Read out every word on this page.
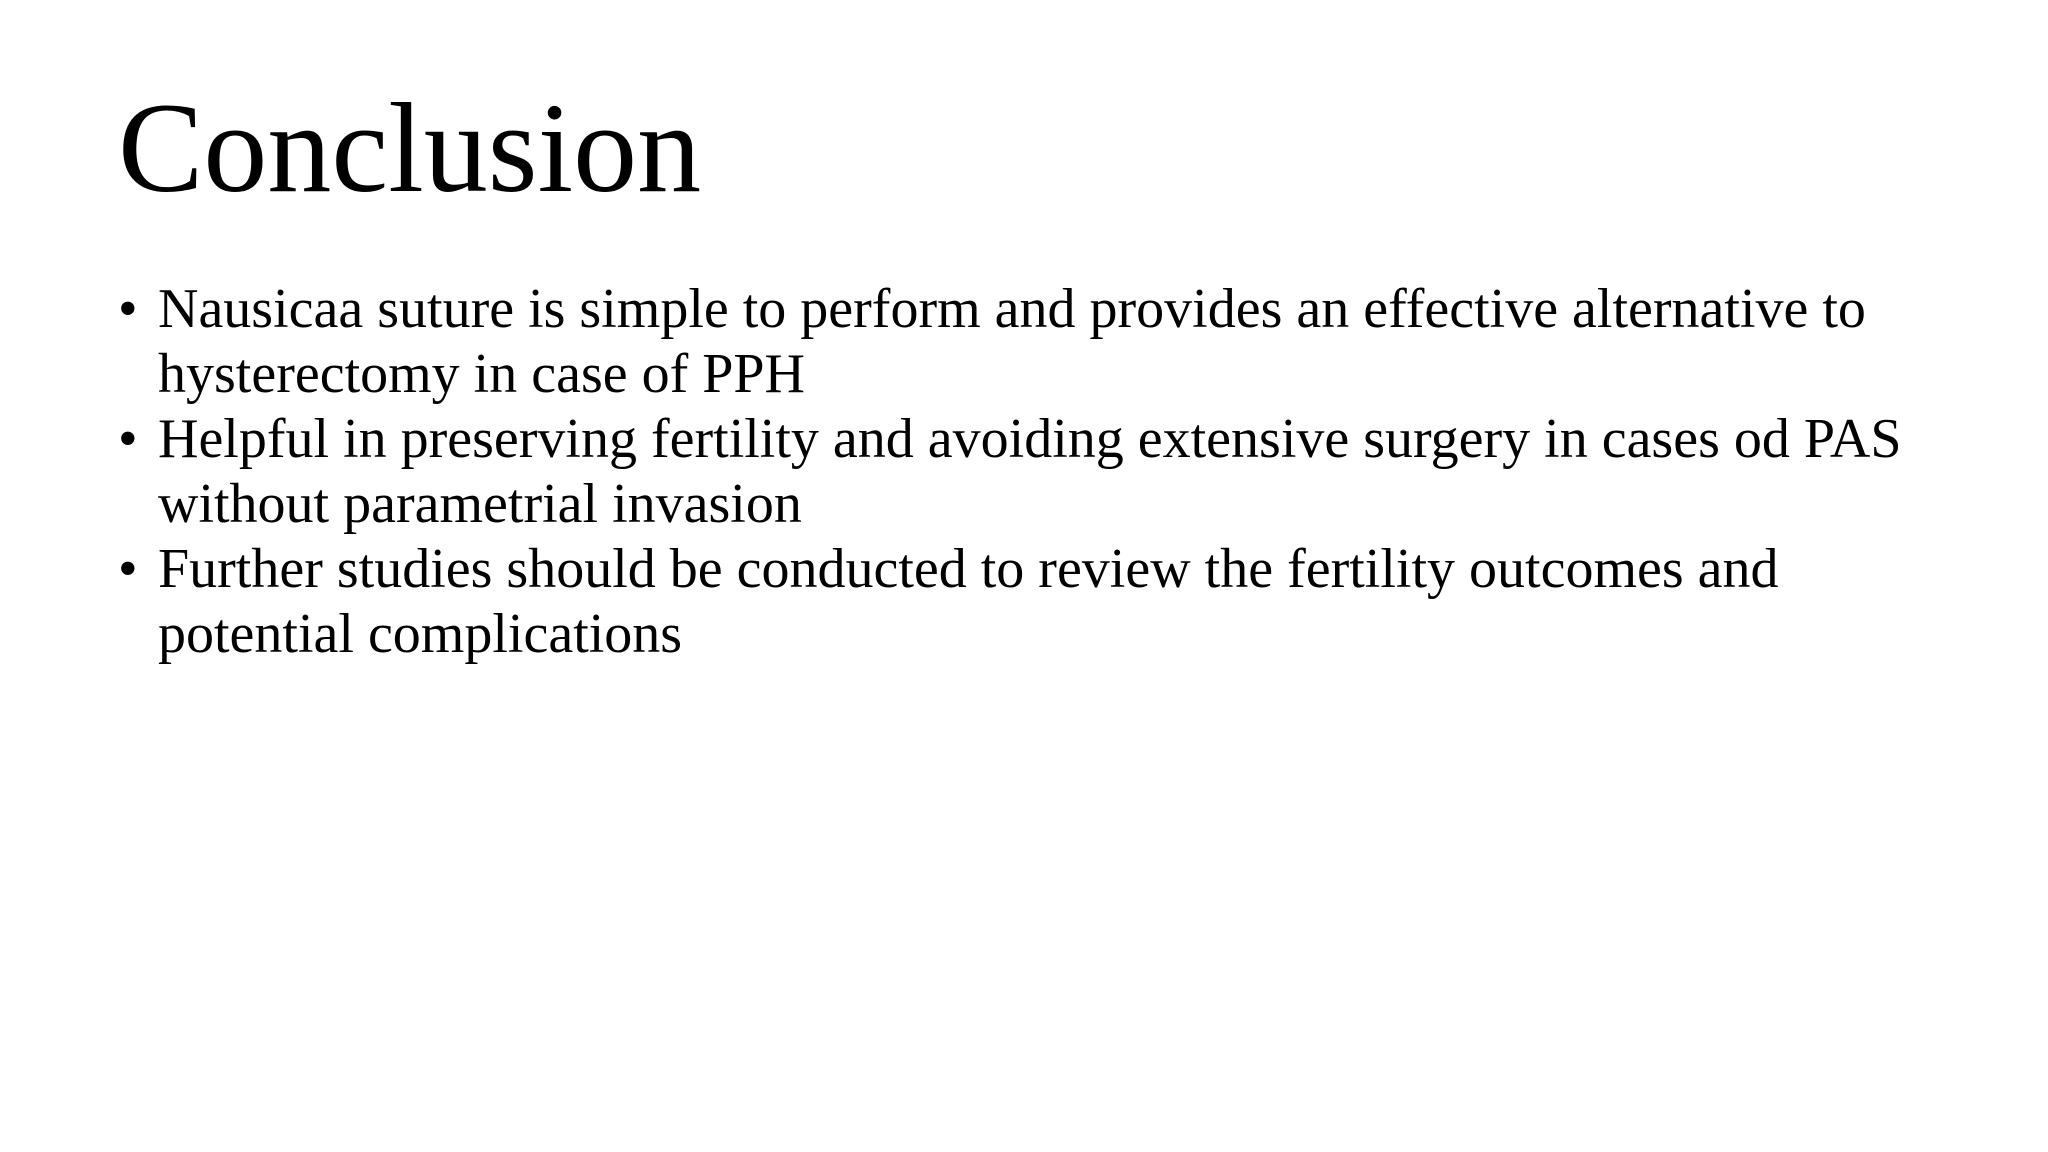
Conclusion
• Nausicaa suture is simple to perform and provides an effective alternative to hysterectomy in case of PPH
• Helpful in preserving fertility and avoiding extensive surgery in cases od PAS without parametrial invasion
• Further studies should be conducted to review the fertility outcomes and potential complications
